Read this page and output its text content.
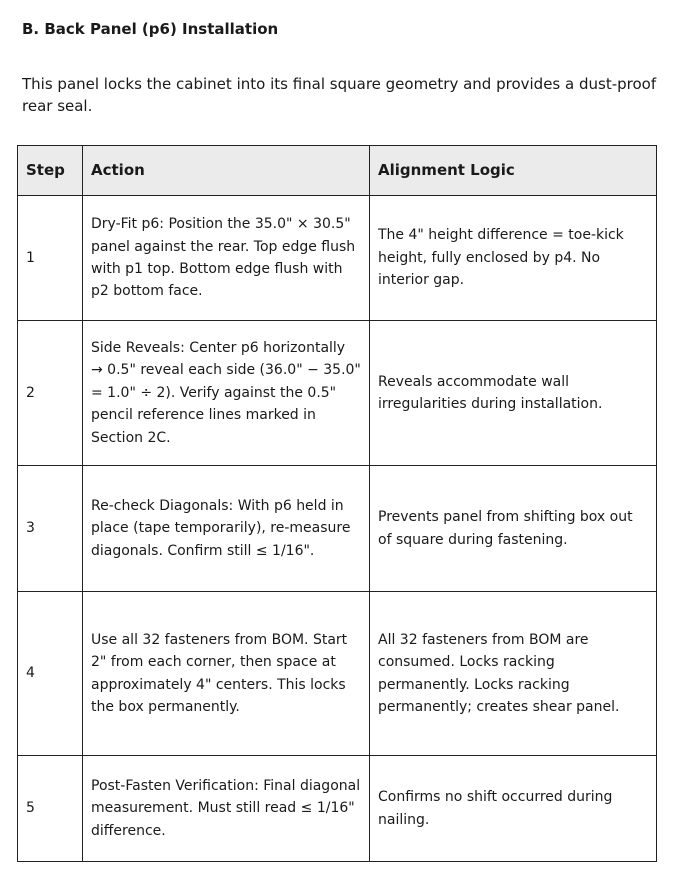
B. Back Panel (p6) Installation
This panel locks the cabinet into its final square geometry and provides a dust-proof rear seal.
Step	Action	Alignment Logic
1	Dry-Fit p6: Position the 35.0" × 30.5" panel against the rear. Top edge flush with p1 top. Bottom edge flush with p2 bottom face.	The 4" height difference = toe-kick height, fully enclosed by p4. No interior gap.
2	Side Reveals: Center p6 horizontally → 0.5" reveal each side (36.0" − 35.0" = 1.0" ÷ 2). Verify against the 0.5" pencil reference lines marked in Section 2C.	Reveals accommodate wall irregularities during installation.
3	Re-check Diagonals: With p6 held in place (tape temporarily), re-measure diagonals. Confirm still ≤ 1/16".	Prevents panel from shifting box out of square during fastening.
4	Use all 32 fasteners from BOM. Start 2" from each corner, then space at approximately 4" centers. This locks the box permanently.	All 32 fasteners from BOM are consumed. Locks racking permanently. Locks racking permanently; creates shear panel.
5	Post-Fasten Verification: Final diagonal measurement. Must still read ≤ 1/16" difference.	Confirms no shift occurred during nailing.
